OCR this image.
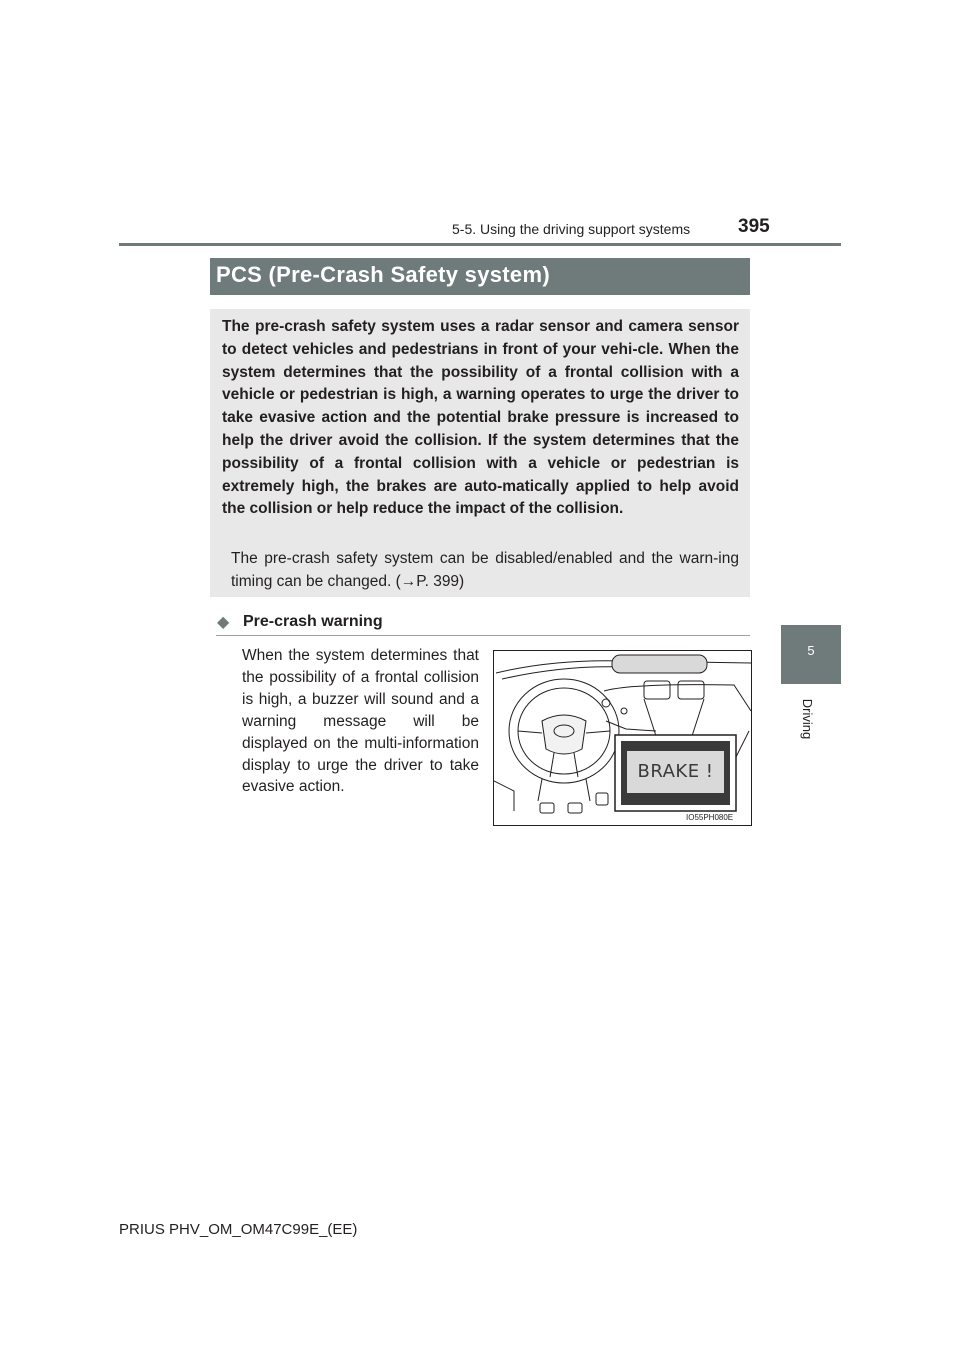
5-5. Using the driving support systems	395
5
Driving
PCS (Pre-Crash Safety system)

The pre-crash safety system uses a radar sensor and camera sensor to detect vehicles and pedestrians in front of your vehi-cle. When the system determines that the possibility of a frontal collision with a vehicle or pedestrian is high, a warning operates to urge the driver to take evasive action and the potential brake pressure is increased to help the driver avoid the collision. If the system determines that the possibility of a frontal collision with a vehicle or pedestrian is extremely high, the brakes are auto-matically applied to help avoid the collision or help reduce the impact of the collision.

The pre-crash safety system can be disabled/enabled and the warn-ing timing can be changed. (→P. 399)

◆ Pre-crash warning

When the system determines that the possibility of a frontal collision is high, a buzzer will sound and a warning message will be displayed on the multi-information display to urge the driver to take evasive action.

BRAKE !
IO55PH080E
PRIUS PHV_OM_OM47C99E_(EE)
